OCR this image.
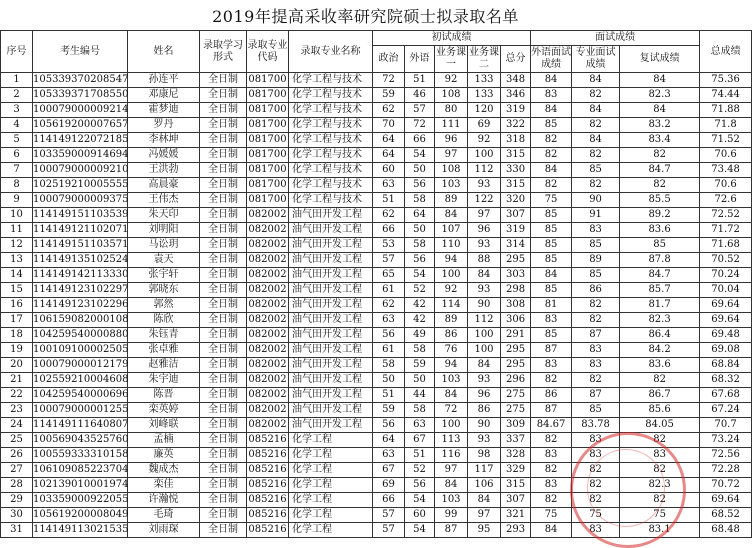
2019年提高采收率研究院硕士拟录取名单
序号	考生编号	姓名	录取学习形式	录取专业代码	录取专业名称	初试成绩					面试成绩			总成绩
						政治	外语	业务课一	业务课二	总分	外语面试成绩	专业面试成绩	复试成绩	
1	105339370208547	孙连平	全日制	081700	化学工程与技术	72	51	92	133	348	84	84	84	75.36
2	105339371708550	邓康尼	全日制	081700	化学工程与技术	59	46	108	133	346	83	82	82.3	74.44
3	100079000009214	霍梦迪	全日制	081700	化学工程与技术	62	57	80	120	319	84	84	84	71.88
4	105619200007657	罗丹	全日制	081700	化学工程与技术	70	72	111	69	322	85	82	83.2	71.8
5	114149122072185	李林坤	全日制	081700	化学工程与技术	64	66	96	92	318	82	84	83.4	71.52
6	103359000914694	冯媛媛	全日制	081700	化学工程与技术	64	54	97	100	315	82	82	82	70.6
7	100079000009210	王洪勃	全日制	081700	化学工程与技术	60	50	108	112	330	84	85	84.7	73.48
8	102519210005555	高晨豪	全日制	081700	化学工程与技术	63	56	103	93	315	82	82	82	70.6
9	100079000009375	王伟杰	全日制	081700	化学工程与技术	51	58	89	122	320	75	90	85.5	72.6
10	114149151103539	朱天印	全日制	082002	油气田开发工程	62	64	84	97	307	85	91	89.2	72.52
11	114149121102071	刘明阳	全日制	082002	油气田开发工程	66	50	107	96	319	85	83	83.6	71.72
12	114149151103571	马讼玥	全日制	082002	油气田开发工程	53	58	110	93	314	85	85	85	71.68
13	114149135102524	袁天	全日制	082002	油气田开发工程	57	56	94	88	295	85	89	87.8	70.52
14	114149142113330	张宇轩	全日制	082002	油气田开发工程	65	54	100	84	303	84	85	84.7	70.24
15	114149123102297	郭晓东	全日制	082002	油气田开发工程	61	52	92	93	298	85	86	85.7	70.04
16	114149123102296	郭然	全日制	082002	油气田开发工程	62	42	114	90	308	81	82	81.7	69.64
17	106159082000108	陈欣	全日制	082002	油气田开发工程	63	42	89	112	306	83	82	82.3	69.64
18	104259540000880	朱钰青	全日制	082002	油气田开发工程	56	49	86	100	291	85	87	86.4	69.48
19	100109100002505	张卓雅	全日制	082002	油气田开发工程	61	58	76	100	295	87	83	84.2	69.08
20	100079000012179	赵雅洁	全日制	082002	油气田开发工程	58	59	94	84	295	83	83	83.6	68.84
21	102559210004608	朱宇迪	全日制	082002	油气田开发工程	50	50	103	93	296	82	82	82	68.32
22	104259540000696	陈晋	全日制	082002	油气田开发工程	51	44	84	96	275	86	87	86.7	67.68
23	100079000001255	栾英婷	全日制	082002	油气田开发工程	59	58	72	86	275	87	85	85.6	67.24
24	114149111640807	刘峰联	全日制	082002	油气田开发工程	56	63	100	90	309	84.67	83.78	84.05	70.7
25	100569043525760	孟楠	全日制	085216	化学工程	64	67	113	93	337	82	83	82	73.24
26	100559333310158	廉英	全日制	085216	化学工程	63	51	116	98	328	83	83	83	72.56
27	106109085223704	魏成杰	全日制	085216	化学工程	67	52	97	117	329	82	82	82	72.28
28	102139010001974	栾佳	全日制	085216	化学工程	69	56	84	106	315	83	82	82.3	70.72
29	103359000922055	许瀚悦	全日制	085216	化学工程	66	54	103	84	307	82	82	82	69.64
30	105619200008049	毛琦	全日制	085216	化学工程	57	60	99	97	321	75	75	75	68.52
31	114149113021535	刘雨琛	全日制	085216	化学工程	57	54	87	95	293	84	83	83.1	68.48
